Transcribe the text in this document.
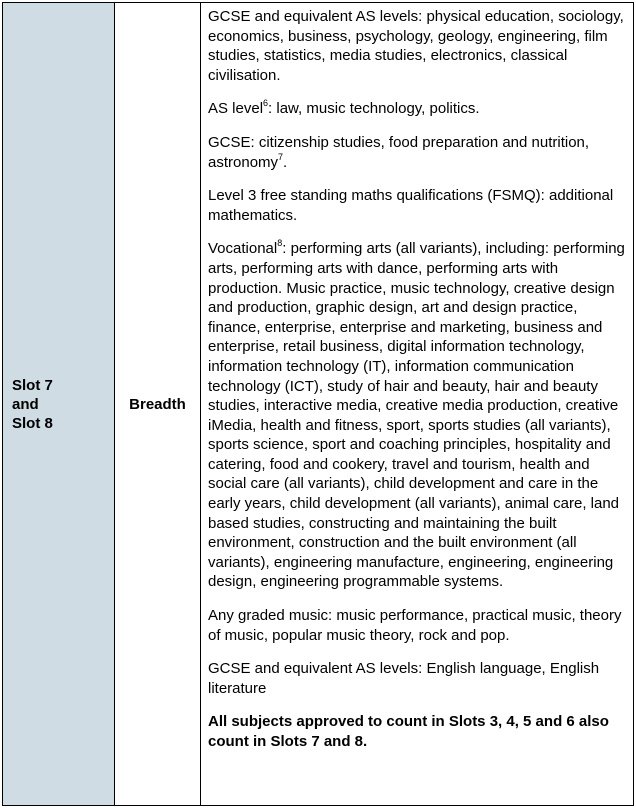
Slot 7
and
Slot 8
	Breadth	

GCSE and equivalent AS levels: physical education, sociology, economics, business, psychology, geology, engineering, film studies, statistics, media studies, electronics, classical civilisation.

AS level$^6$: law, music technology, politics.

GCSE: citizenship studies, food preparation and nutrition, astronomy$^7$.

Level 3 free standing maths qualifications (FSMQ): additional mathematics.

Vocational$^8$: performing arts (all variants), including: performing arts, performing arts with dance, performing arts with production. Music practice, music technology, creative design and production, graphic design, art and design practice, finance, enterprise, enterprise and marketing, business and enterprise, retail business, digital information technology, information technology (IT), information communication technology (ICT), study of hair and beauty, hair and beauty studies, interactive media, creative media production, creative iMedia, health and fitness, sport, sports studies (all variants), sports science, sport and coaching principles, hospitality and catering, food and cookery, travel and tourism, health and social care (all variants), child development and care in the early years, child development (all variants), animal care, land based studies, constructing and maintaining the built environment, construction and the built environment (all variants), engineering manufacture, engineering, engineering design, engineering programmable systems.

Any graded music: music performance, practical music, theory of music, popular music theory, rock and pop.

GCSE and equivalent AS levels: English language, English literature

All subjects approved to count in Slots 3, 4, 5 and 6 also count in Slots 7 and 8.
